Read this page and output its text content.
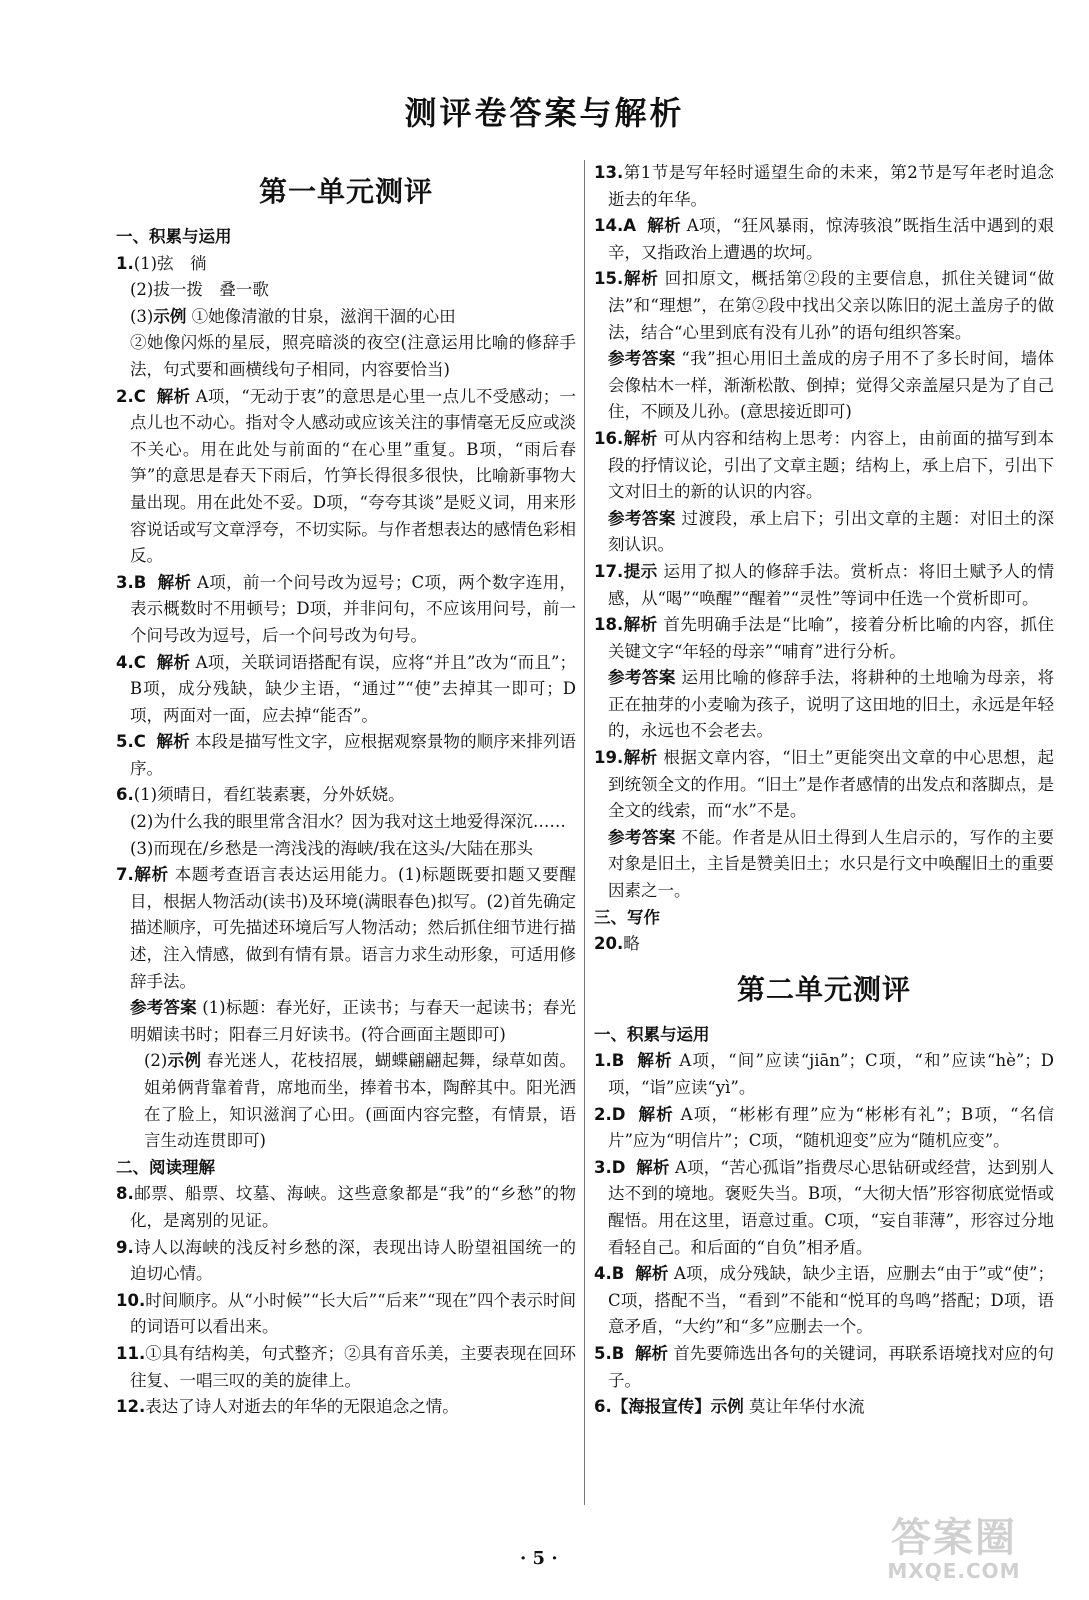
测评卷答案与解析
第一单元测评
一、积累与运用
1.(1)弦　徜
(2)拔一拨　叠一歌
(3)示例 ①她像清澈的甘泉，滋润干涸的心田
②她像闪烁的星辰，照亮暗淡的夜空(注意运用比喻的修辞手法，句式要和画横线句子相同，内容要恰当)
2.C 解析 A项，“无动于衷”的意思是心里一点儿不受感动；一点儿也不动心。指对令人感动或应该关注的事情毫无反应或淡不关心。用在此处与前面的“在心里”重复。B项，“雨后春笋”的意思是春天下雨后，竹笋长得很多很快，比喻新事物大量出现。用在此处不妥。D项，“夸夸其谈”是贬义词，用来形容说话或写文章浮夸，不切实际。与作者想表达的感情色彩相反。
3.B 解析 A项，前一个问号改为逗号；C项，两个数字连用，表示概数时不用顿号；D项，并非问句，不应该用问号，前一个问号改为逗号，后一个问号改为句号。
4.C 解析 A项，关联词语搭配有误，应将“并且”改为“而且”；B项，成分残缺，缺少主语，“通过”“使”去掉其一即可；D项，两面对一面，应去掉“能否”。
5.C 解析 本段是描写性文字，应根据观察景物的顺序来排列语序。
6.(1)须晴日，看红装素裹，分外妖娆。
(2)为什么我的眼里常含泪水？因为我对这土地爱得深沉……
(3)而现在/乡愁是一湾浅浅的海峡/我在这头/大陆在那头
7.解析 本题考查语言表达运用能力。(1)标题既要扣题又要醒目，根据人物活动(读书)及环境(满眼春色)拟写。(2)首先确定描述顺序，可先描述环境后写人物活动；然后抓住细节进行描述，注入情感，做到有情有景。语言力求生动形象，可适用修辞手法。
参考答案 (1)标题：春光好，正读书；与春天一起读书；春光明媚读书时；阳春三月好读书。(符合画面主题即可)
(2)示例 春光迷人，花枝招展，蝴蝶翩翩起舞，绿草如茵。姐弟俩背靠着背，席地而坐，捧着书本，陶醉其中。阳光洒在了脸上，知识滋润了心田。(画面内容完整，有情景，语言生动连贯即可)
二、阅读理解
8.邮票、船票、坟墓、海峡。这些意象都是“我”的“乡愁”的物化，是离别的见证。
9.诗人以海峡的浅反衬乡愁的深，表现出诗人盼望祖国统一的迫切心情。
10.时间顺序。从“小时候”“长大后”“后来”“现在”四个表示时间的词语可以看出来。
11.①具有结构美，句式整齐；②具有音乐美，主要表现在回环往复、一唱三叹的美的旋律上。
12.表达了诗人对逝去的年华的无限追念之情。
13.第1节是写年轻时遥望生命的未来，第2节是写年老时追念逝去的年华。
14.A 解析 A项，“狂风暴雨，惊涛骇浪”既指生活中遇到的艰辛，又指政治上遭遇的坎坷。
15.解析 回扣原文，概括第②段的主要信息，抓住关键词“做法”和“理想”，在第②段中找出父亲以陈旧的泥土盖房子的做法，结合“心里到底有没有儿孙”的语句组织答案。
参考答案 “我”担心用旧土盖成的房子用不了多长时间，墙体会像枯木一样，渐渐松散、倒掉；觉得父亲盖屋只是为了自己住，不顾及儿孙。(意思接近即可)
16.解析 可从内容和结构上思考：内容上，由前面的描写到本段的抒情议论，引出了文章主题；结构上，承上启下，引出下文对旧土的新的认识的内容。
参考答案 过渡段，承上启下；引出文章的主题：对旧土的深刻认识。
17.提示 运用了拟人的修辞手法。赏析点：将旧土赋予人的情感，从“喝”“唤醒”“醒着”“灵性”等词中任选一个赏析即可。
18.解析 首先明确手法是“比喻”，接着分析比喻的内容，抓住关键文字“年轻的母亲”“哺育”进行分析。
参考答案 运用比喻的修辞手法，将耕种的土地喻为母亲，将正在抽芽的小麦喻为孩子，说明了这田地的旧土，永远是年轻的，永远也不会老去。
19.解析 根据文章内容，“旧土”更能突出文章的中心思想，起到统领全文的作用。“旧土”是作者感情的出发点和落脚点，是全文的线索，而“水”不是。
参考答案 不能。作者是从旧土得到人生启示的，写作的主要对象是旧土，主旨是赞美旧土；水只是行文中唤醒旧土的重要因素之一。
三、写作
20.略
第二单元测评
一、积累与运用
1.B 解析 A项，“间”应读“jiān”；C项，“和”应读“hè”；D项，“诣”应读“yì”。
2.D 解析 A项，“彬彬有理”应为“彬彬有礼”；B项，“名信片”应为“明信片”；C项，“随机迎变”应为“随机应变”。
3.D 解析 A项，“苦心孤诣”指费尽心思钻研或经营，达到别人达不到的境地。褒贬失当。B项，“大彻大悟”形容彻底觉悟或醒悟。用在这里，语意过重。C项，“妄自菲薄”，形容过分地看轻自己。和后面的“自负”相矛盾。
4.B 解析 A项，成分残缺，缺少主语，应删去“由于”或“使”；C项，搭配不当，“看到”不能和“悦耳的鸟鸣”搭配；D项，语意矛盾，“大约”和“多”应删去一个。
5.B 解析 首先要筛选出各句的关键词，再联系语境找对应的句子。
6.【海报宣传】示例 莫让年华付水流
· 5 ·	答案圈
MXQE.COM
